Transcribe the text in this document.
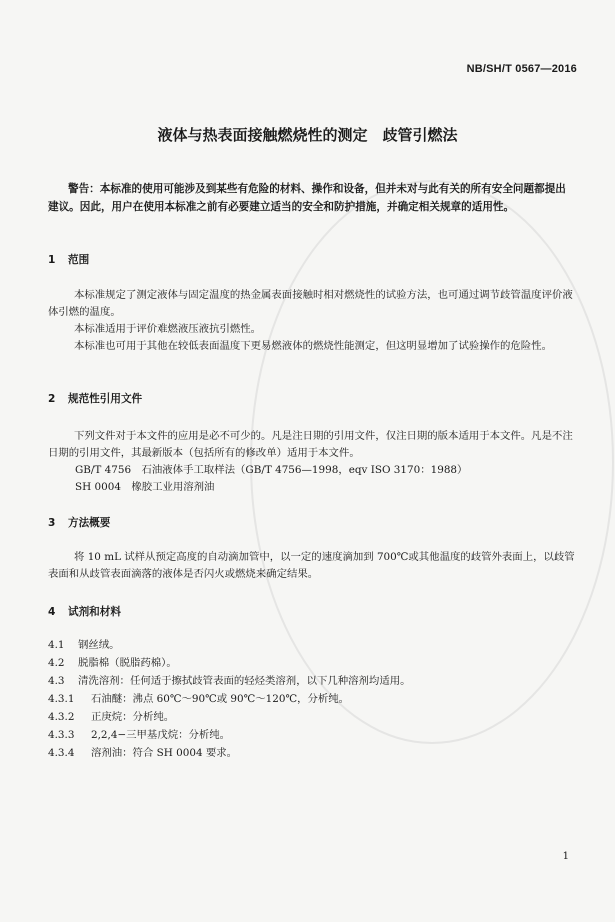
NB/SH/T 0567—2016
液体与热表面接触燃烧性的测定　歧管引燃法
警告：本标准的使用可能涉及到某些有危险的材料、操作和设备，但并未对与此有关的所有安全问题都提出建议。因此，用户在使用本标准之前有必要建立适当的安全和防护措施，并确定相关规章的适用性。
1 范围
本标准规定了测定液体与固定温度的热金属表面接触时相对燃烧性的试验方法，也可通过调节歧管温度评价液体引燃的温度。
本标准适用于评价难燃液压液抗引燃性。
本标准也可用于其他在较低表面温度下更易燃液体的燃烧性能测定，但这明显增加了试验操作的危险性。
2 规范性引用文件
下列文件对于本文件的应用是必不可少的。凡是注日期的引用文件，仅注日期的版本适用于本文件。凡是不注日期的引用文件，其最新版本（包括所有的修改单）适用于本文件。
GB/T 4756　石油液体手工取样法（GB/T 4756—1998，eqv ISO 3170：1988）
SH 0004　橡胶工业用溶剂油
3 方法概要
将 10 mL 试样从预定高度的自动滴加管中，以一定的速度滴加到 700℃或其他温度的歧管外表面上，以歧管表面和从歧管表面滴落的液体是否闪火或燃烧来确定结果。
4 试剂和材料
4.1 钢丝绒。
4.2 脱脂棉（脱脂药棉）。
4.3 清洗溶剂：任何适于擦拭歧管表面的轻烃类溶剂，以下几种溶剂均适用。
4.3.1 石油醚：沸点 60℃～90℃或 90℃～120℃，分析纯。
4.3.2 正庚烷：分析纯。
4.3.3 2,2,4−三甲基戊烷：分析纯。
4.3.4 溶剂油：符合 SH 0004 要求。
1
